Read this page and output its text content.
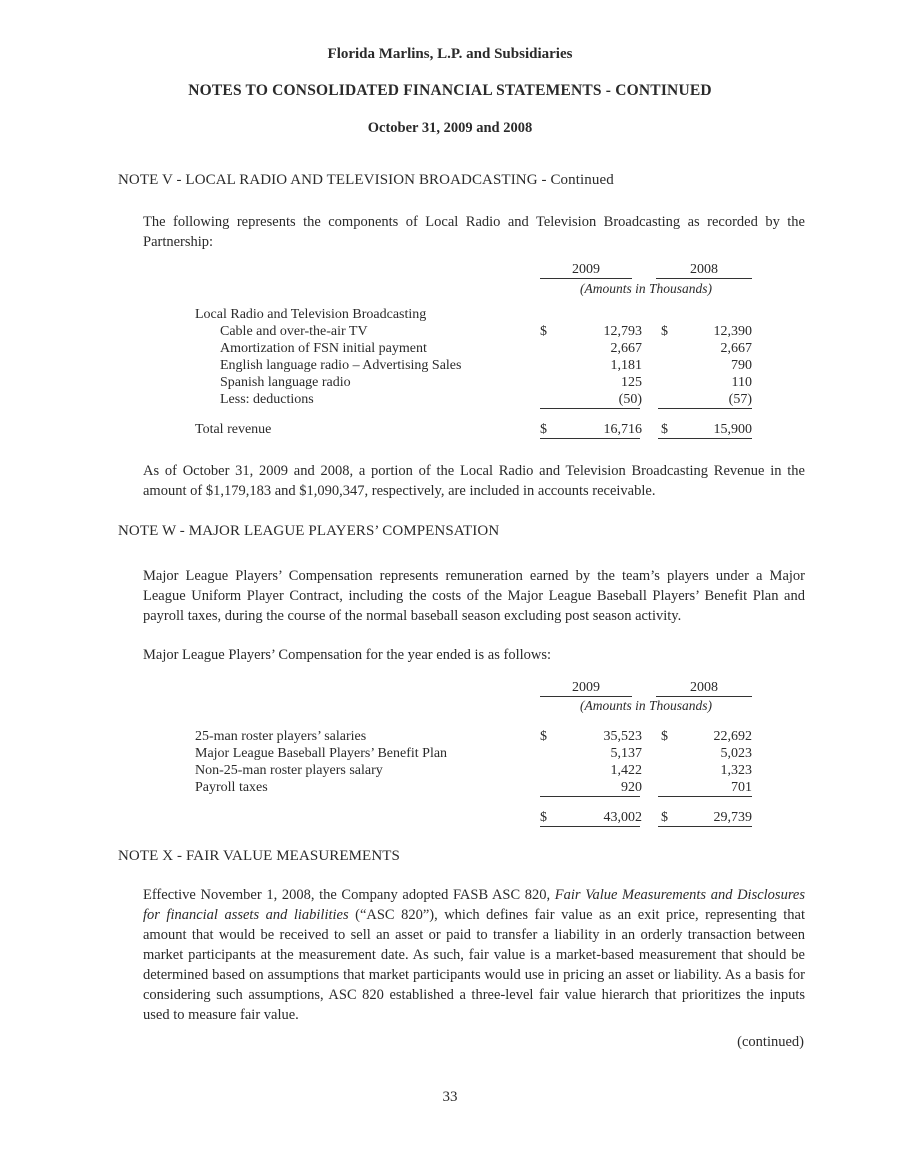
Florida Marlins, L.P. and Subsidiaries
NOTES TO CONSOLIDATED FINANCIAL STATEMENTS - CONTINUED
October 31, 2009 and 2008
NOTE V - LOCAL RADIO AND TELEVISION BROADCASTING - Continued
The following represents the components of Local Radio and Television Broadcasting as recorded by the Partnership:
2009	2008
(Amounts in Thousands)
Local Radio and Television Broadcasting
Cable and over-the-air TV	$	12,793 $	12,390
Amortization of FSN initial payment	2,667	2,667
English language radio – Advertising Sales	1,181	790
Spanish language radio	125	110
Less: deductions	(50)	(57)
Total revenue	$	16,716 $	15,900
As of October 31, 2009 and 2008, a portion of the Local Radio and Television Broadcasting Revenue in the amount of $1,179,183 and $1,090,347, respectively, are included in accounts receivable.
NOTE W - MAJOR LEAGUE PLAYERS’ COMPENSATION
Major League Players’ Compensation represents remuneration earned by the team’s players under a Major League Uniform Player Contract, including the costs of the Major League Baseball Players’ Benefit Plan and payroll taxes, during the course of the normal baseball season excluding post season activity.
Major League Players’ Compensation for the year ended is as follows:
2009	2008
(Amounts in Thousands)
25-man roster players’ salaries	$	35,523 $	22,692
Major League Baseball Players’ Benefit Plan	5,137	5,023
Non-25-man roster players salary	1,422	1,323
Payroll taxes	920	701
$	43,002 $	29,739
NOTE X - FAIR VALUE MEASUREMENTS
Effective November 1, 2008, the Company adopted FASB ASC 820, Fair Value Measurements and Disclosures for financial assets and liabilities (“ASC 820”), which defines fair value as an exit price, representing that amount that would be received to sell an asset or paid to transfer a liability in an orderly transaction between market participants at the measurement date. As such, fair value is a market-based measurement that should be determined based on assumptions that market participants would use in pricing an asset or liability. As a basis for considering such assumptions, ASC 820 established a three-level fair value hierarch that prioritizes the inputs used to measure fair value.
(continued)
33
